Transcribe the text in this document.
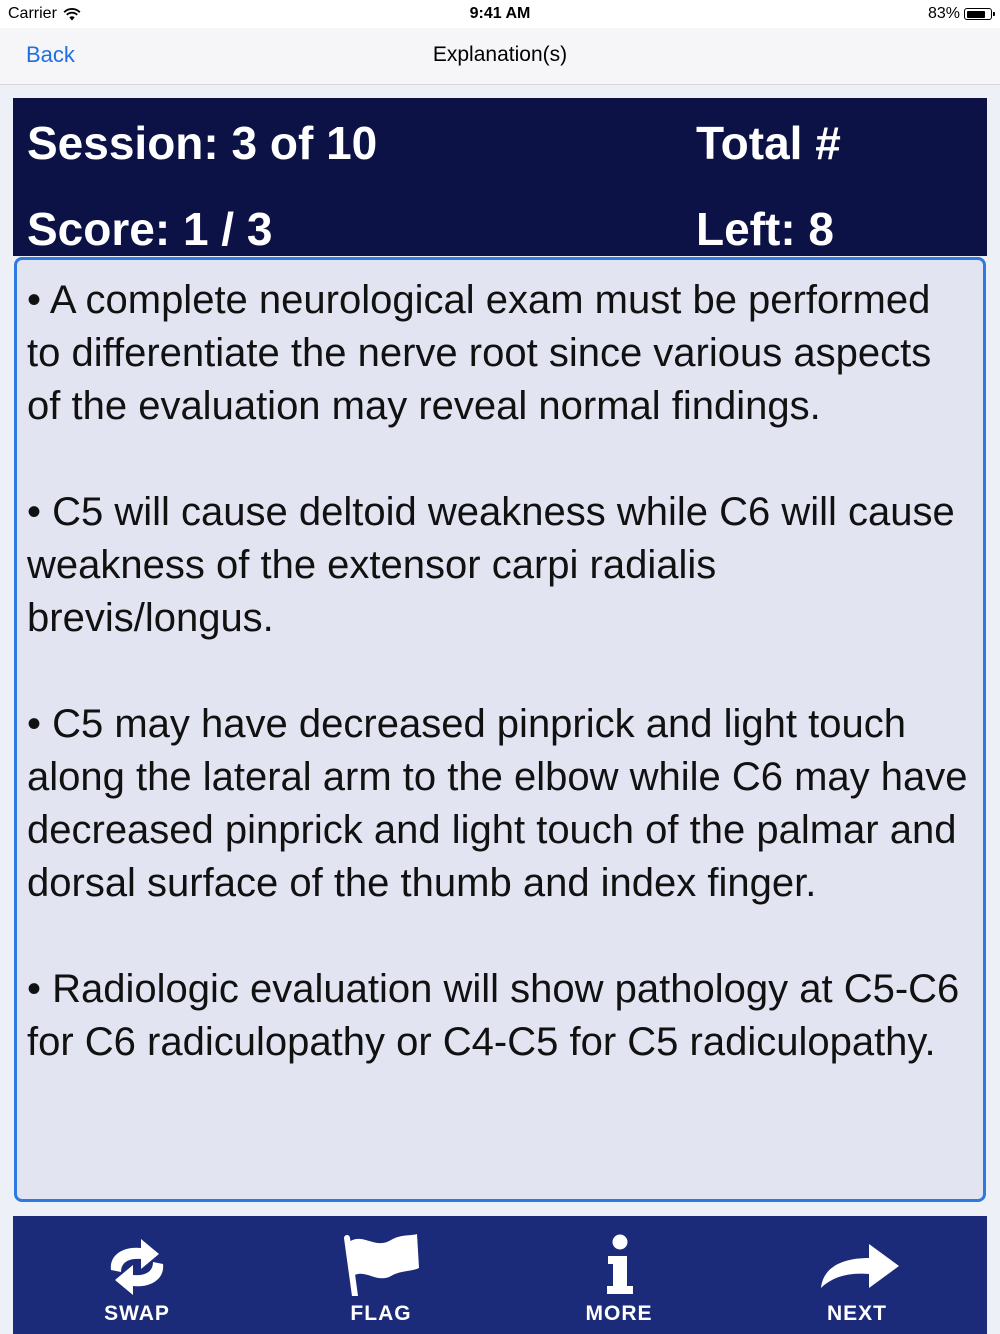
Carrier	9:41 AM	83%
Back	Explanation(s)
Session: 3 of 10	Total #
Score: 1 / 3	Left: 8

• A complete neurological exam must be performed to differentiate the nerve root since various aspects of the evaluation may reveal normal findings.

• C5 will cause deltoid weakness while C6 will cause weakness of the extensor carpi radialis brevis/longus.

• C5 may have decreased pinprick and light touch along the lateral arm to the elbow while C6 may have decreased pinprick and light touch of the palmar and dorsal surface of the thumb and index finger.

• Radiologic evaluation will show pathology at C5-C6 for C6 radiculopathy or C4-C5 for C5 radiculopathy.

SWAP	FLAG	MORE	NEXT
